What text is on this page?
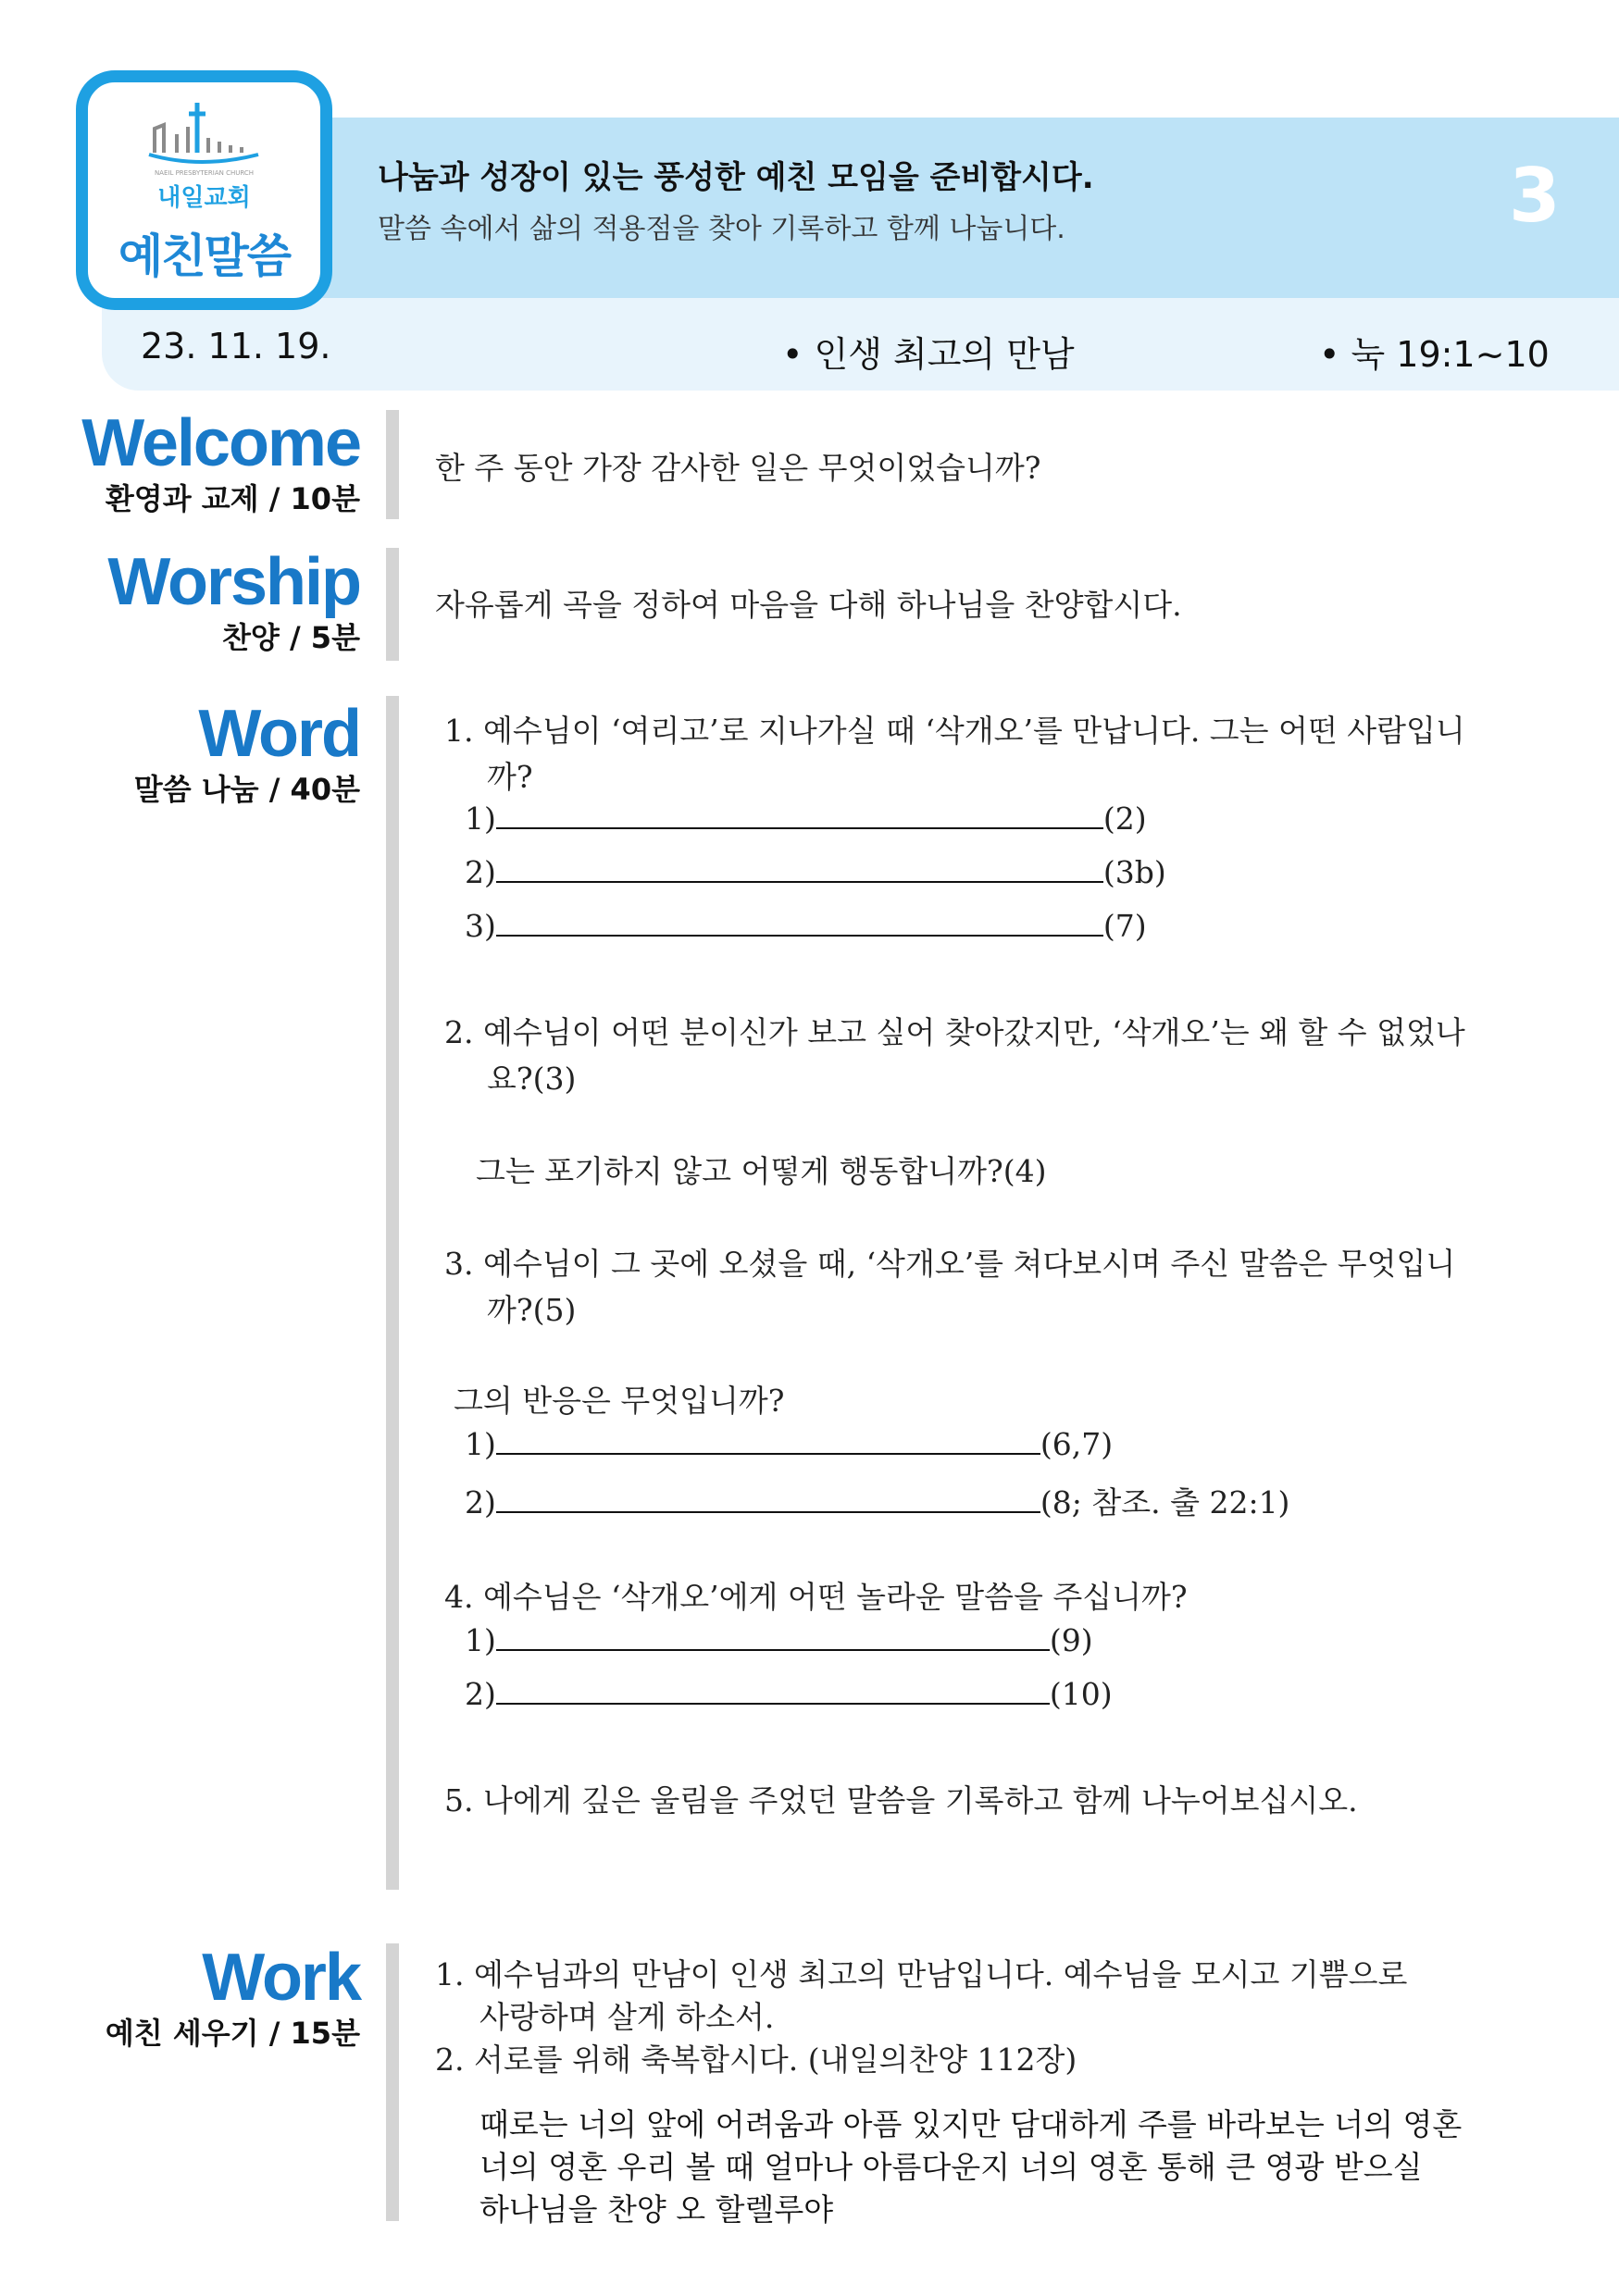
NAEIL PRESBYTERIAN CHURCH
내일교회
예친말씀
나눔과 성장이 있는 풍성한 예친 모임을 준비합시다.
말씀 속에서 삶의 적용점을 찾아 기록하고 함께 나눕니다.	3
23. 11. 19.	• 인생 최고의 만남	• 눅 19:1~10
Welcome
환영과 교제 / 10분
한 주 동안 가장 감사한 일은 무엇이었습니까?
Worship
찬양 / 5분
자유롭게 곡을 정하여 마음을 다해 하나님을 찬양합시다.
Word
말씀 나눔 / 40분
1. 예수님이 ‘여리고’로 지나가실 때 ‘삭개오’를 만납니다. 그는 어떤 사람입니
까?
1)	(2)
2)	(3b)
3)	(7)
2. 예수님이 어떤 분이신가 보고 싶어 찾아갔지만, ‘삭개오’는 왜 할 수 없었나
요?(3)
그는 포기하지 않고 어떻게 행동합니까?(4)
3. 예수님이 그 곳에 오셨을 때, ‘삭개오’를 쳐다보시며 주신 말씀은 무엇입니
까?(5)
그의 반응은 무엇입니까?
1)	(6,7)
2)	(8; 참조. 출 22:1)
4. 예수님은 ‘삭개오’에게 어떤 놀라운 말씀을 주십니까?
1)	(9)
2)	(10)
5. 나에게 깊은 울림을 주었던 말씀을 기록하고 함께 나누어보십시오.
Work
예친 세우기 / 15분
1. 예수님과의 만남이 인생 최고의 만남입니다. 예수님을 모시고 기쁨으로
사랑하며 살게 하소서.
2. 서로를 위해 축복합시다. (내일의찬양 112장)
때로는 너의 앞에 어려움과 아픔 있지만 담대하게 주를 바라보는 너의 영혼
너의 영혼 우리 볼 때 얼마나 아름다운지 너의 영혼 통해 큰 영광 받으실
하나님을 찬양 오 할렐루야
